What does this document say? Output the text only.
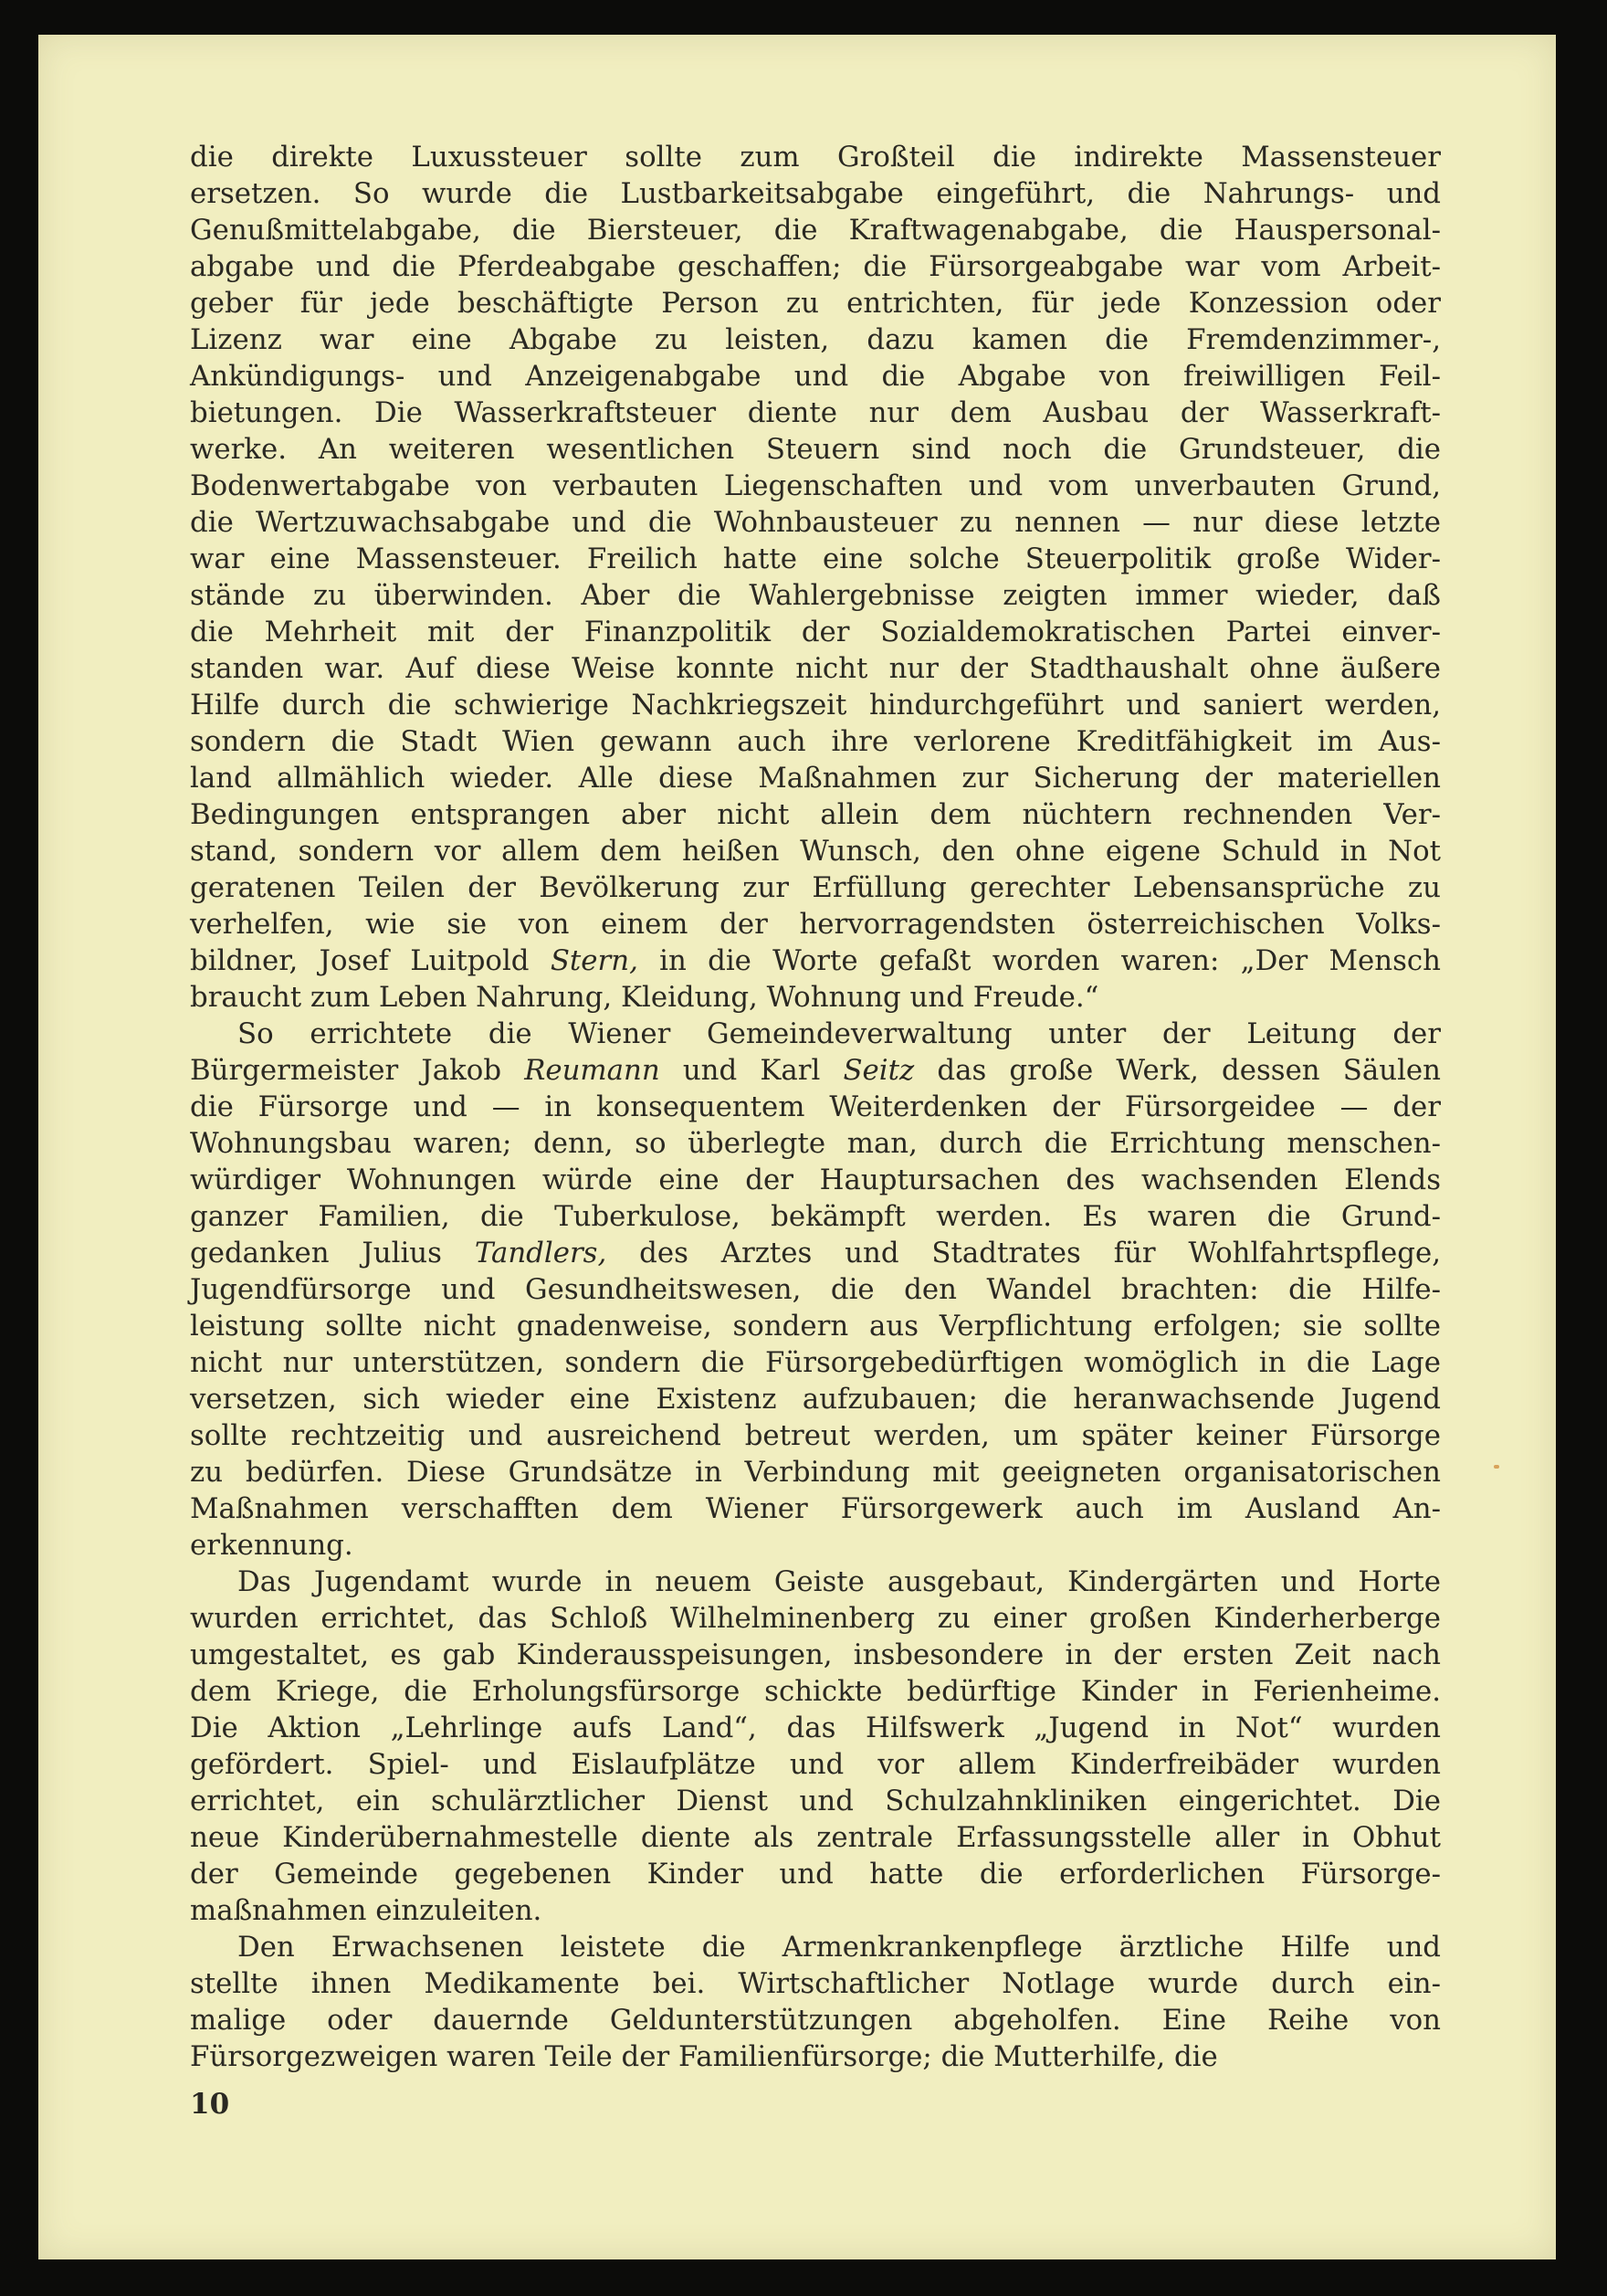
die direkte Luxussteuer sollte zum Großteil die indirekte Massensteuer
ersetzen. So wurde die Lustbarkeitsabgabe eingeführt, die Nahrungs- und
Genußmittelabgabe, die Biersteuer, die Kraftwagenabgabe, die Hauspersonal-
abgabe und die Pferdeabgabe geschaffen; die Fürsorgeabgabe war vom Arbeit-
geber für jede beschäftigte Person zu entrichten, für jede Konzession oder
Lizenz war eine Abgabe zu leisten, dazu kamen die Fremdenzimmer-,
Ankündigungs- und Anzeigenabgabe und die Abgabe von freiwilligen Feil-
bietungen. Die Wasserkraftsteuer diente nur dem Ausbau der Wasserkraft-
werke. An weiteren wesentlichen Steuern sind noch die Grundsteuer, die
Bodenwertabgabe von verbauten Liegenschaften und vom unverbauten Grund,
die Wertzuwachsabgabe und die Wohnbausteuer zu nennen — nur diese letzte
war eine Massensteuer. Freilich hatte eine solche Steuerpolitik große Wider-
stände zu überwinden. Aber die Wahlergebnisse zeigten immer wieder, daß
die Mehrheit mit der Finanzpolitik der Sozialdemokratischen Partei einver-
standen war. Auf diese Weise konnte nicht nur der Stadthaushalt ohne äußere
Hilfe durch die schwierige Nachkriegszeit hindurchgeführt und saniert werden,
sondern die Stadt Wien gewann auch ihre verlorene Kreditfähigkeit im Aus-
land allmählich wieder. Alle diese Maßnahmen zur Sicherung der materiellen
Bedingungen entsprangen aber nicht allein dem nüchtern rechnenden Ver-
stand, sondern vor allem dem heißen Wunsch, den ohne eigene Schuld in Not
geratenen Teilen der Bevölkerung zur Erfüllung gerechter Lebensansprüche zu
verhelfen, wie sie von einem der hervorragendsten österreichischen Volks-
bildner, Josef Luitpold Stern, in die Worte gefaßt worden waren: „Der Mensch
braucht zum Leben Nahrung, Kleidung, Wohnung und Freude.“
So errichtete die Wiener Gemeindeverwaltung unter der Leitung der
Bürgermeister Jakob Reumann und Karl Seitz das große Werk, dessen Säulen
die Fürsorge und — in konsequentem Weiterdenken der Fürsorgeidee — der
Wohnungsbau waren; denn, so überlegte man, durch die Errichtung menschen-
würdiger Wohnungen würde eine der Hauptursachen des wachsenden Elends
ganzer Familien, die Tuberkulose, bekämpft werden. Es waren die Grund-
gedanken Julius Tandlers, des Arztes und Stadtrates für Wohlfahrtspflege,
Jugendfürsorge und Gesundheitswesen, die den Wandel brachten: die Hilfe-
leistung sollte nicht gnadenweise, sondern aus Verpflichtung erfolgen; sie sollte
nicht nur unterstützen, sondern die Fürsorgebedürftigen womöglich in die Lage
versetzen, sich wieder eine Existenz aufzubauen; die heranwachsende Jugend
sollte rechtzeitig und ausreichend betreut werden, um später keiner Fürsorge
zu bedürfen. Diese Grundsätze in Verbindung mit geeigneten organisatorischen
Maßnahmen verschafften dem Wiener Fürsorgewerk auch im Ausland An-
erkennung.
Das Jugendamt wurde in neuem Geiste ausgebaut, Kindergärten und Horte
wurden errichtet, das Schloß Wilhelminenberg zu einer großen Kinderherberge
umgestaltet, es gab Kinderausspeisungen, insbesondere in der ersten Zeit nach
dem Kriege, die Erholungsfürsorge schickte bedürftige Kinder in Ferienheime.
Die Aktion „Lehrlinge aufs Land“, das Hilfswerk „Jugend in Not“ wurden
gefördert. Spiel- und Eislaufplätze und vor allem Kinderfreibäder wurden
errichtet, ein schulärztlicher Dienst und Schulzahnkliniken eingerichtet. Die
neue Kinderübernahmestelle diente als zentrale Erfassungsstelle aller in Obhut
der Gemeinde gegebenen Kinder und hatte die erforderlichen Fürsorge-
maßnahmen einzuleiten.
Den Erwachsenen leistete die Armenkrankenpflege ärztliche Hilfe und
stellte ihnen Medikamente bei. Wirtschaftlicher Notlage wurde durch ein-
malige oder dauernde Geldunterstützungen abgeholfen. Eine Reihe von
Fürsorgezweigen waren Teile der Familienfürsorge; die Mutterhilfe, die
10
